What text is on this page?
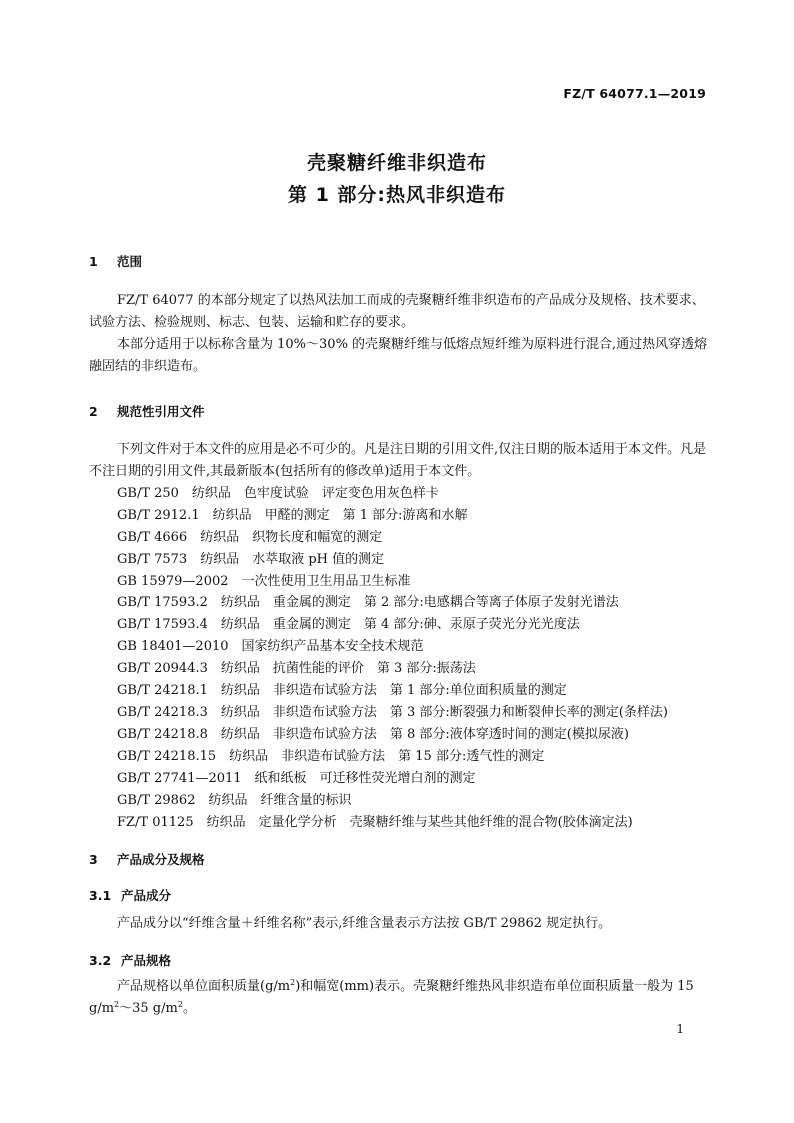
FZ/T 64077.1—2019
壳聚糖纤维非织造布
第 1 部分:热风非织造布
1 范围

FZ/T 64077 的本部分规定了以热风法加工而成的壳聚糖纤维非织造布的产品成分及规格、技术要求、试验方法、检验规则、标志、包装、运输和贮存的要求。

本部分适用于以标称含量为 10%～30% 的壳聚糖纤维与低熔点短纤维为原料进行混合,通过热风穿透熔融固结的非织造布。

2 规范性引用文件

下列文件对于本文件的应用是必不可少的。凡是注日期的引用文件,仅注日期的版本适用于本文件。凡是不注日期的引用文件,其最新版本(包括所有的修改单)适用于本文件。

GB/T 250　纺织品　色牢度试验　评定变色用灰色样卡
GB/T 2912.1　纺织品　甲醛的测定　第 1 部分:游离和水解
GB/T 4666　纺织品　织物长度和幅宽的测定
GB/T 7573　纺织品　水萃取液 pH 值的测定
GB 15979—2002　一次性使用卫生用品卫生标准
GB/T 17593.2　纺织品　重金属的测定　第 2 部分:电感耦合等离子体原子发射光谱法
GB/T 17593.4　纺织品　重金属的测定　第 4 部分:砷、汞原子荧光分光光度法
GB 18401—2010　国家纺织产品基本安全技术规范
GB/T 20944.3　纺织品　抗菌性能的评价　第 3 部分:振荡法
GB/T 24218.1　纺织品　非织造布试验方法　第 1 部分:单位面积质量的测定
GB/T 24218.3　纺织品　非织造布试验方法　第 3 部分:断裂强力和断裂伸长率的测定(条样法)
GB/T 24218.8　纺织品　非织造布试验方法　第 8 部分:液体穿透时间的测定(模拟尿液)
GB/T 24218.15　纺织品　非织造布试验方法　第 15 部分:透气性的测定
GB/T 27741—2011　纸和纸板　可迁移性荧光增白剂的测定
GB/T 29862　纺织品　纤维含量的标识
FZ/T 01125　纺织品　定量化学分析　壳聚糖纤维与某些其他纤维的混合物(胶体滴定法)
3 产品成分及规格
3.1 产品成分

产品成分以“纤维含量＋纤维名称”表示,纤维含量表示方法按 GB/T 29862 规定执行。

3.2 产品规格

产品规格以单位面积质量$(g/m^2)$和幅宽(mm)表示。壳聚糖纤维热风非织造布单位面积质量一般为 15 $g/m^2\sim 35$ $g/m^2$。

1
